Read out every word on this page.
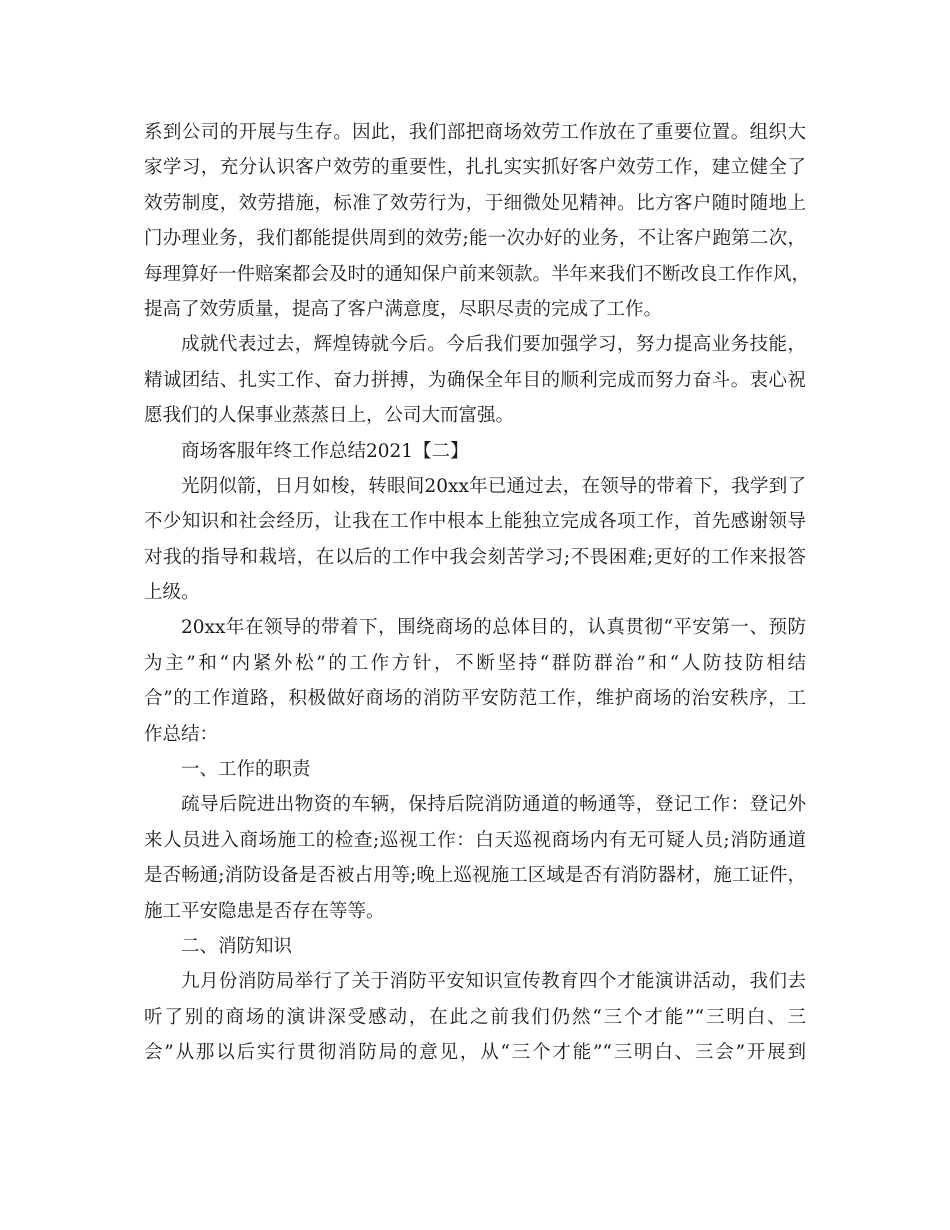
系到公司的开展与生存。因此，我们部把商场效劳工作放在了重要位置。组织大
家学习，充分认识客户效劳的重要性，扎扎实实抓好客户效劳工作，建立健全了
效劳制度，效劳措施，标准了效劳行为，于细微处见精神。比方客户随时随地上
门办理业务，我们都能提供周到的效劳;能一次办好的业务，不让客户跑第二次，
每理算好一件赔案都会及时的通知保户前来领款。半年来我们不断改良工作作风，
提高了效劳质量，提高了客户满意度，尽职尽责的完成了工作。
成就代表过去，辉煌铸就今后。今后我们要加强学习，努力提高业务技能，
精诚团结、扎实工作、奋力拼搏，为确保全年目的顺利完成而努力奋斗。衷心祝
愿我们的人保事业蒸蒸日上，公司大而富强。
商场客服年终工作总结2021【二】
光阴似箭，日月如梭，转眼间20xx年已通过去，在领导的带着下，我学到了
不少知识和社会经历，让我在工作中根本上能独立完成各项工作，首先感谢领导
对我的指导和栽培，在以后的工作中我会刻苦学习;不畏困难;更好的工作来报答
上级。
20xx年在领导的带着下，围绕商场的总体目的，认真贯彻“平安第一、预防
为主”和“内紧外松”的工作方针，不断坚持“群防群治”和“人防技防相结
合”的工作道路，积极做好商场的消防平安防范工作，维护商场的治安秩序，工
作总结：
一、工作的职责
疏导后院进出物资的车辆，保持后院消防通道的畅通等，登记工作：登记外
来人员进入商场施工的检查;巡视工作：白天巡视商场内有无可疑人员;消防通道
是否畅通;消防设备是否被占用等;晚上巡视施工区域是否有消防器材，施工证件，
施工平安隐患是否存在等等。
二、消防知识
九月份消防局举行了关于消防平安知识宣传教育四个才能演讲活动，我们去
听了别的商场的演讲深受感动，在此之前我们仍然“三个才能”“三明白、三
会”从那以后实行贯彻消防局的意见，从“三个才能”“三明白、三会”开展到
